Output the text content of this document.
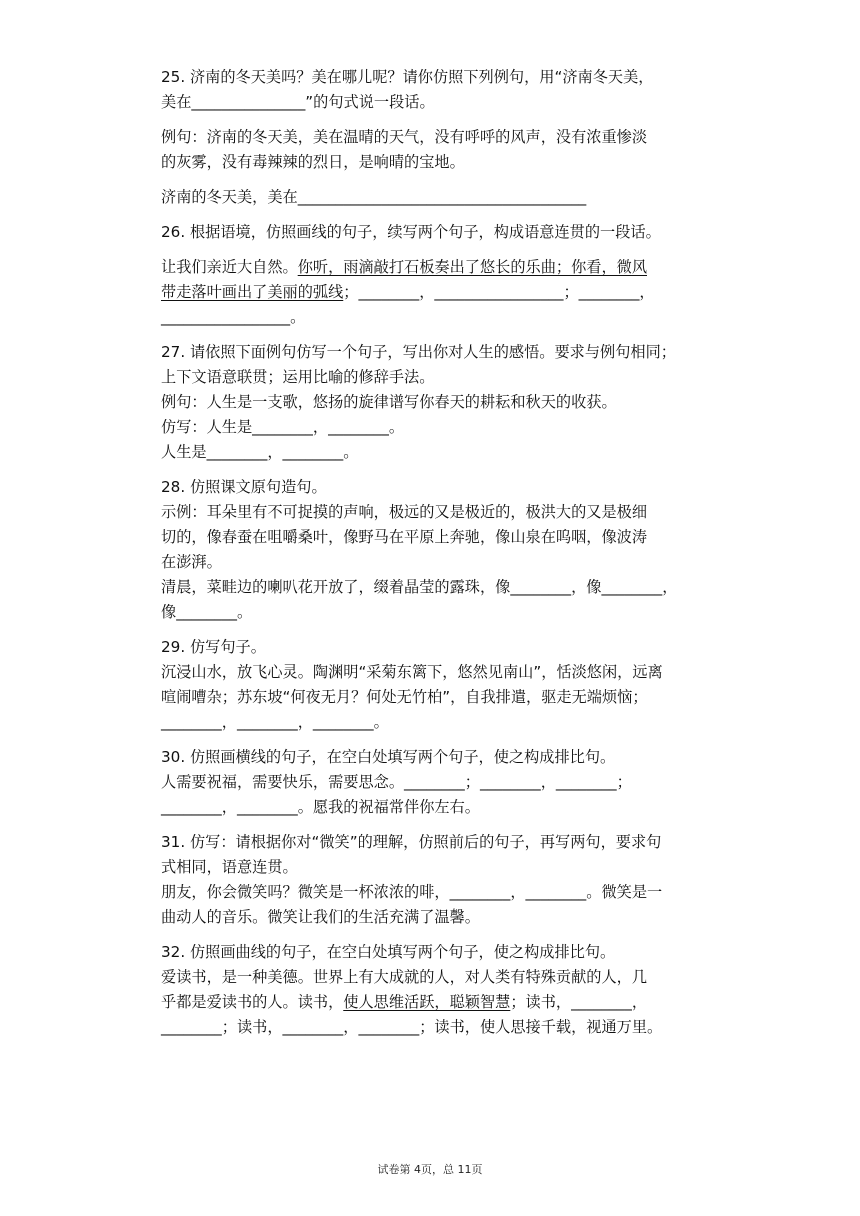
25. 济南的冬天美吗？美在哪儿呢？请你仿照下列例句，用“济南冬天美，
美在_______________”的句式说一段话。
例句：济南的冬天美，美在温晴的天气，没有呼呼的风声，没有浓重惨淡
的灰雾，没有毒辣辣的烈日，是响晴的宝地。
济南的冬天美，美在______________________________________
26. 根据语境，仿照画线的句子，续写两个句子，构成语意连贯的一段话。
让我们亲近大自然。你听，雨滴敲打石板奏出了悠长的乐曲；你看，微风
带走落叶画出了美丽的弧线；________，_________________；________，
_________________。
27. 请依照下面例句仿写一个句子，写出你对人生的感悟。要求与例句相同；
上下文语意联贯；运用比喻的修辞手法。
例句：人生是一支歌，悠扬的旋律谱写你春天的耕耘和秋天的收获。
仿写：人生是________，________。
人生是________，________。
28. 仿照课文原句造句。
示例：耳朵里有不可捉摸的声响，极远的又是极近的，极洪大的又是极细
切的，像春蚕在咀嚼桑叶，像野马在平原上奔驰，像山泉在呜咽，像波涛
在澎湃。
清晨，菜畦边的喇叭花开放了，缀着晶莹的露珠，像________，像________，
像________。
29. 仿写句子。
沉浸山水，放飞心灵。陶渊明“采菊东篱下，悠然见南山”，恬淡悠闲，远离
喧闹嘈杂；苏东坡“何夜无月？何处无竹柏”，自我排遣，驱走无端烦恼；
________，________，________。
30. 仿照画横线的句子，在空白处填写两个句子，使之构成排比句。
人需要祝福，需要快乐，需要思念。________；________，________；
________，________。愿我的祝福常伴你左右。
31. 仿写：请根据你对“微笑”的理解，仿照前后的句子，再写两句，要求句
式相同，语意连贯。
朋友，你会微笑吗？微笑是一杯浓浓的啡，________，________。微笑是一
曲动人的音乐。微笑让我们的生活充满了温馨。
32. 仿照画曲线的句子，在空白处填写两个句子，使之构成排比句。
爱读书，是一种美德。世界上有大成就的人，对人类有特殊贡献的人，几
乎都是爱读书的人。读书，使人思维活跃，聪颖智慧；读书，________，
________；读书，________，________；读书，使人思接千载，视通万里。
试卷第 4页，总 11页
